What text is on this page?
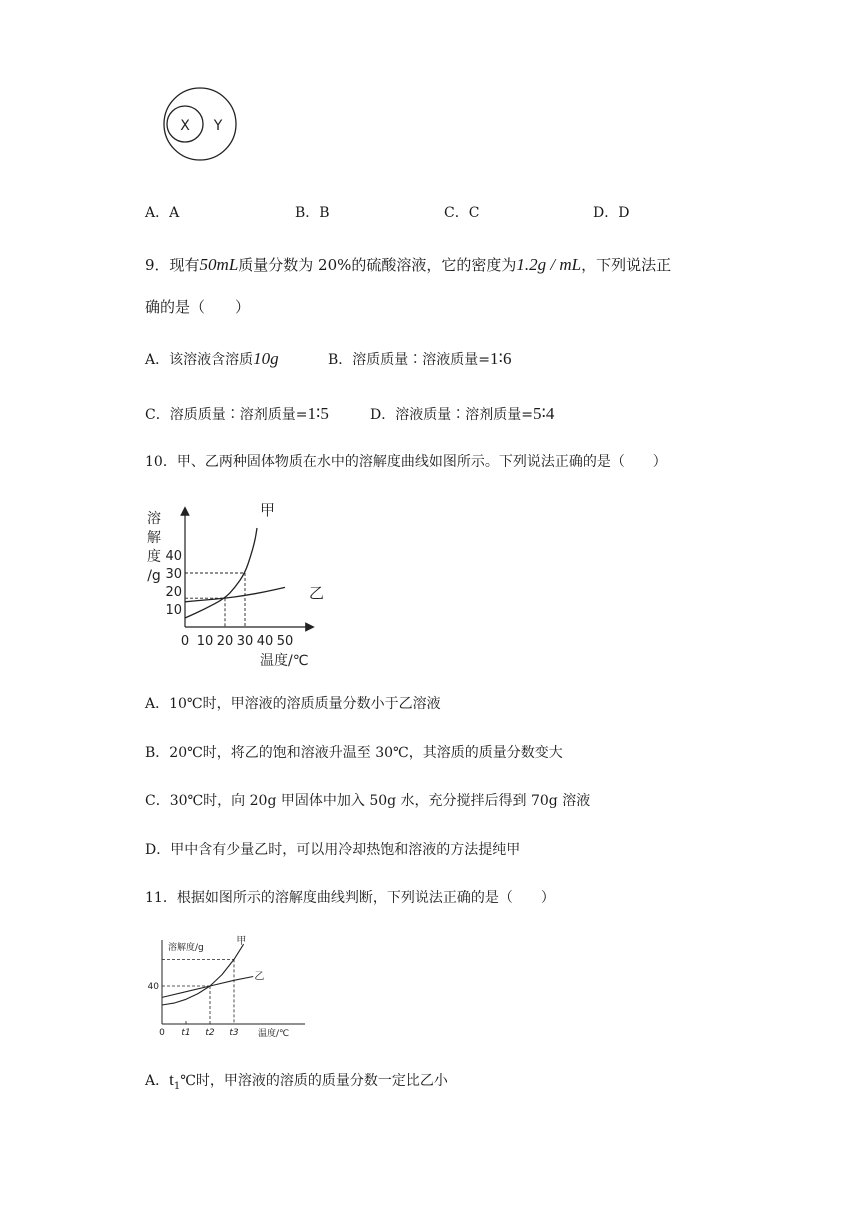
X Y
A．A	B．B	C．C	D．D
9．现有50mL质量分数为 20%的硫酸溶液，它的密度为1.2g / mL，下列说法正
确的是（　　）
A．该溶液含溶质10g	B．溶质质量∶溶液质量=1∶6
C．溶质质量∶溶剂质量=1∶5	D．溶液质量∶溶剂质量=5∶4
10．甲、乙两种固体物质在水中的溶解度曲线如图所示。下列说法正确的是（　　）
溶
解
度
/g
0 10 20 30 40 50
10
20
30
40
甲
乙
温度/℃
A．10℃时，甲溶液的溶质质量分数小于乙溶液
B．20℃时，将乙的饱和溶液升温至 30℃，其溶质的质量分数变大
C．30℃时，向 20g 甲固体中加入 50g 水，充分搅拌后得到 70g 溶液
D．甲中含有少量乙时，可以用冷却热饱和溶液的方法提纯甲
11．根据如图所示的溶解度曲线判断，下列说法正确的是（　　）
0 t1 t2 t3
40
甲
乙
溶解度/g
温度/℃
A．$t_1℃$时，甲溶液的溶质的质量分数一定比乙小
